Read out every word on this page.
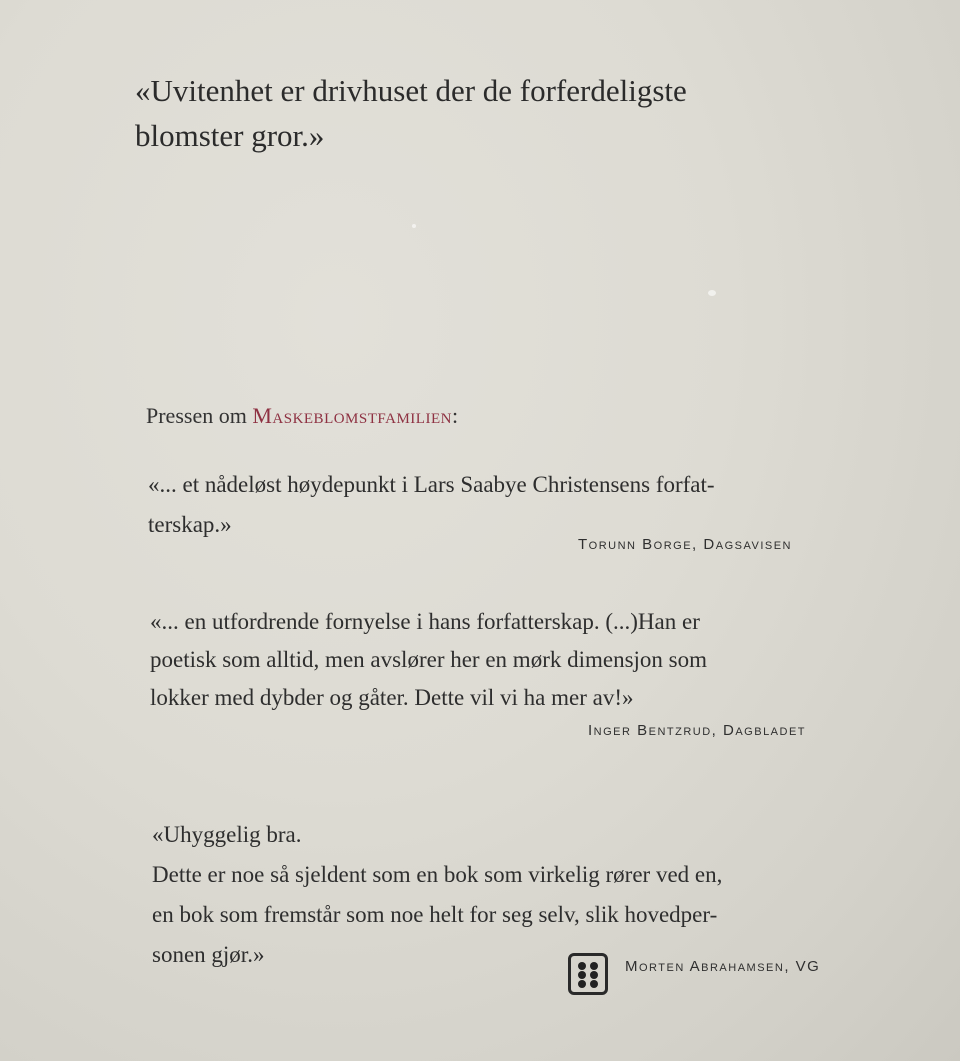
«Uvitenhet er drivhuset der de forferdeligste
blomster gror.»
Pressen om Maskeblomstfamilien:
«... et nådeløst høydepunkt i Lars Saabye Christensens forfat-
terskap.»
Torunn Borge, Dagsavisen
«... en utfordrende fornyelse i hans forfatterskap. (...)Han er
poetisk som alltid, men avslører her en mørk dimensjon som
lokker med dybder og gåter. Dette vil vi ha mer av!»
Inger Bentzrud, Dagbladet
«Uhyggelig bra.
Dette er noe så sjeldent som en bok som virkelig rører ved en,
en bok som fremstår som noe helt for seg selv, slik hovedper-
sonen gjør.»	Morten Abrahamsen, VG
